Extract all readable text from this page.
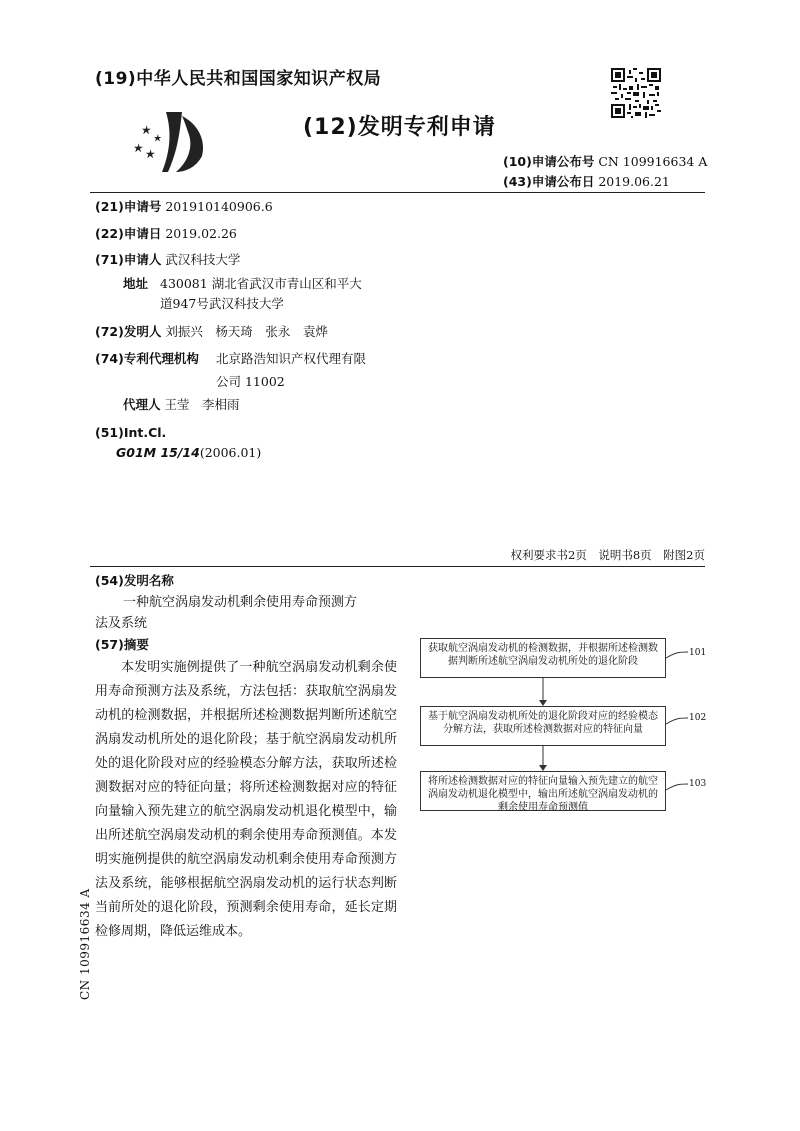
(19)中华人民共和国国家知识产权局
(12)发明专利申请
(10)申请公布号 CN 109916634 A
(43)申请公布日 2019.06.21
(21)申请号 201910140906.6
(22)申请日 2019.02.26
(71)申请人 武汉科技大学
地址 430081 湖北省武汉市青山区和平大
道947号武汉科技大学
(72)发明人 刘振兴　杨天琦　张永　袁烨
(74)专利代理机构 北京路浩知识产权代理有限
公司 11002
代理人 王莹　李相雨
(51)Int.Cl.
G01M 15/14(2006.01)
权利要求书2页　说明书8页　附图2页
(54)发明名称
一种航空涡扇发动机剩余使用寿命预测方
法及系统
(57)摘要

本发明实施例提供了一种航空涡扇发动机剩余使用寿命预测方法及系统，方法包括：获取航空涡扇发动机的检测数据，并根据所述检测数据判断所述航空涡扇发动机所处的退化阶段；基于航空涡扇发动机所处的退化阶段对应的经验模态分解方法，获取所述检测数据对应的特征向量；将所述检测数据对应的特征向量输入预先建立的航空涡扇发动机退化模型中，输出所述航空涡扇发动机的剩余使用寿命预测值。本发明实施例提供的航空涡扇发动机剩余使用寿命预测方法及系统，能够根据航空涡扇发动机的运行状态判断当前所处的退化阶段，预测剩余使用寿命，延长定期检修周期，降低运维成本。

获取航空涡扇发动机的检测数据，并根据所述检测数据判断所述航空涡扇发动机所处的退化阶段
基于航空涡扇发动机所处的退化阶段对应的经验模态分解方法，获取所述检测数据对应的特征向量
将所述检测数据对应的特征向量输入预先建立的航空涡扇发动机退化模型中，输出所述航空涡扇发动机的剩余使用寿命预测值
101
102
103
CN 109916634 A
